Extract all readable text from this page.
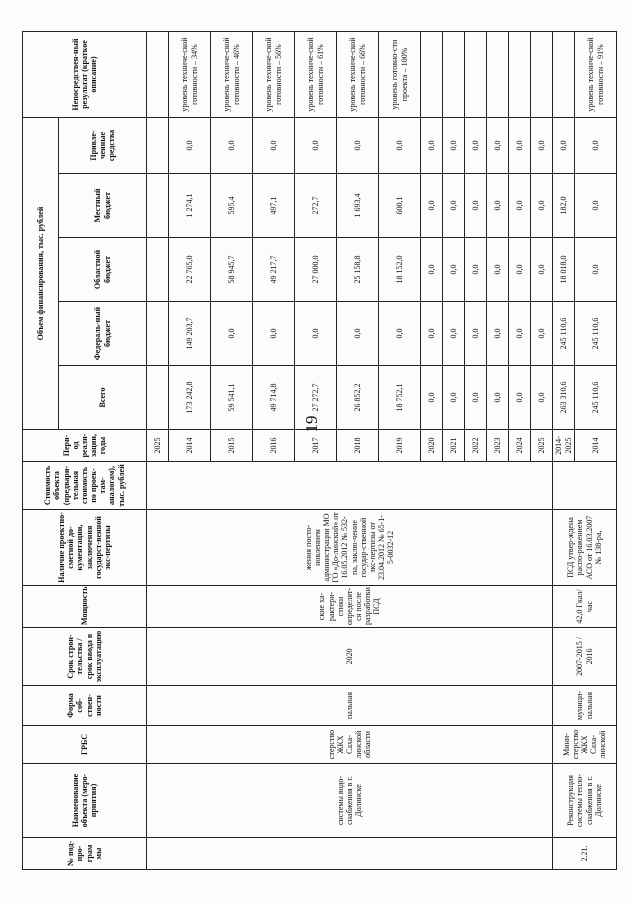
19
№ под-про-грам мы	Наименование объекта (меро-приятия)	ГРБС	Форма соб-ствен-ности	Срок строи-тельства / срок ввода в эксплуатацию	Мощность	Наличие проектно-сметной до-кументации, заключения государст-венной экс-пертизы	Стоимость объекта (предвари-тельная стоимость по проек-там-аналогам), тыс. рублей	Пери-од реали-зации, годы	Объем финансирования, тыс. рублей					Непосредствен-ный результат (краткое описание)
									Всего	Федераль-ный бюджет	Областной бюджет	Местный бюджет	Привле-ченные средства	
	системы водо-снабжения в г. Долинске	стерство ЖКХ Саха-линской области	пальная	2020	ские ха-рактери-стики определят-ся после разработки ПСД	жения посто-новлением администрации МО ГО «До-линский» от 16.05.2012 № 532-па, заклю-чение государ-ственной экс-пертизы от 23.04.2012 № 65-1-5-0032-12		2025						
								2014	173 242,8	149 203,7	22 765,0	1 274,1	0,0	уровень техниче-ской готовности – 34%
								2015	59 541,1	0,0	58 945,7	595,4	0,0	уровень техниче-ской готовности – 46%
								2016	49 714,8	0,0	49 217,7	497,1	0,0	уровень техниче-ской готовности – 56%
								2017	27 272,7	0,0	27 000,0	272,7	0,0	уровень техниче-ской готовности – 61%
								2018	26 852,2	0,0	25 158,8	1 693,4	0,0	уровень техниче-ской готовности – 66%
								2019	18 752,1	0,0	18 152,0	600,1	0,0	уровень готовно-сти проекта – 100%
								2020	0,0	0,0	0,0	0,0	0,0	
								2021	0,0	0,0	0,0	0,0	0,0	
								2022	0,0	0,0	0,0	0,0	0,0	
								2023	0,0	0,0	0,0	0,0	0,0	
								2024	0,0	0,0	0,0	0,0	0,0	
								2025	0,0	0,0	0,0	0,0	0,0	
2.21.	Реконструкция системы тепло-снабжения в г. Долинске	Мини-стерство ЖКХ Саха-линской	муници-пальная	2007-2015 / 2016	42,0 Гкал/час	ПСД утвер-ждена распо-ряжением АСО от 16.03.2007 № 138-ра,		2014-2025	263 310,6	245 110,6	18 018,0	182,0	0,0	
								2014	245 110,6	245 110,6	0,0	0,0	0,0	уровень техниче-ской готовности – 91%
